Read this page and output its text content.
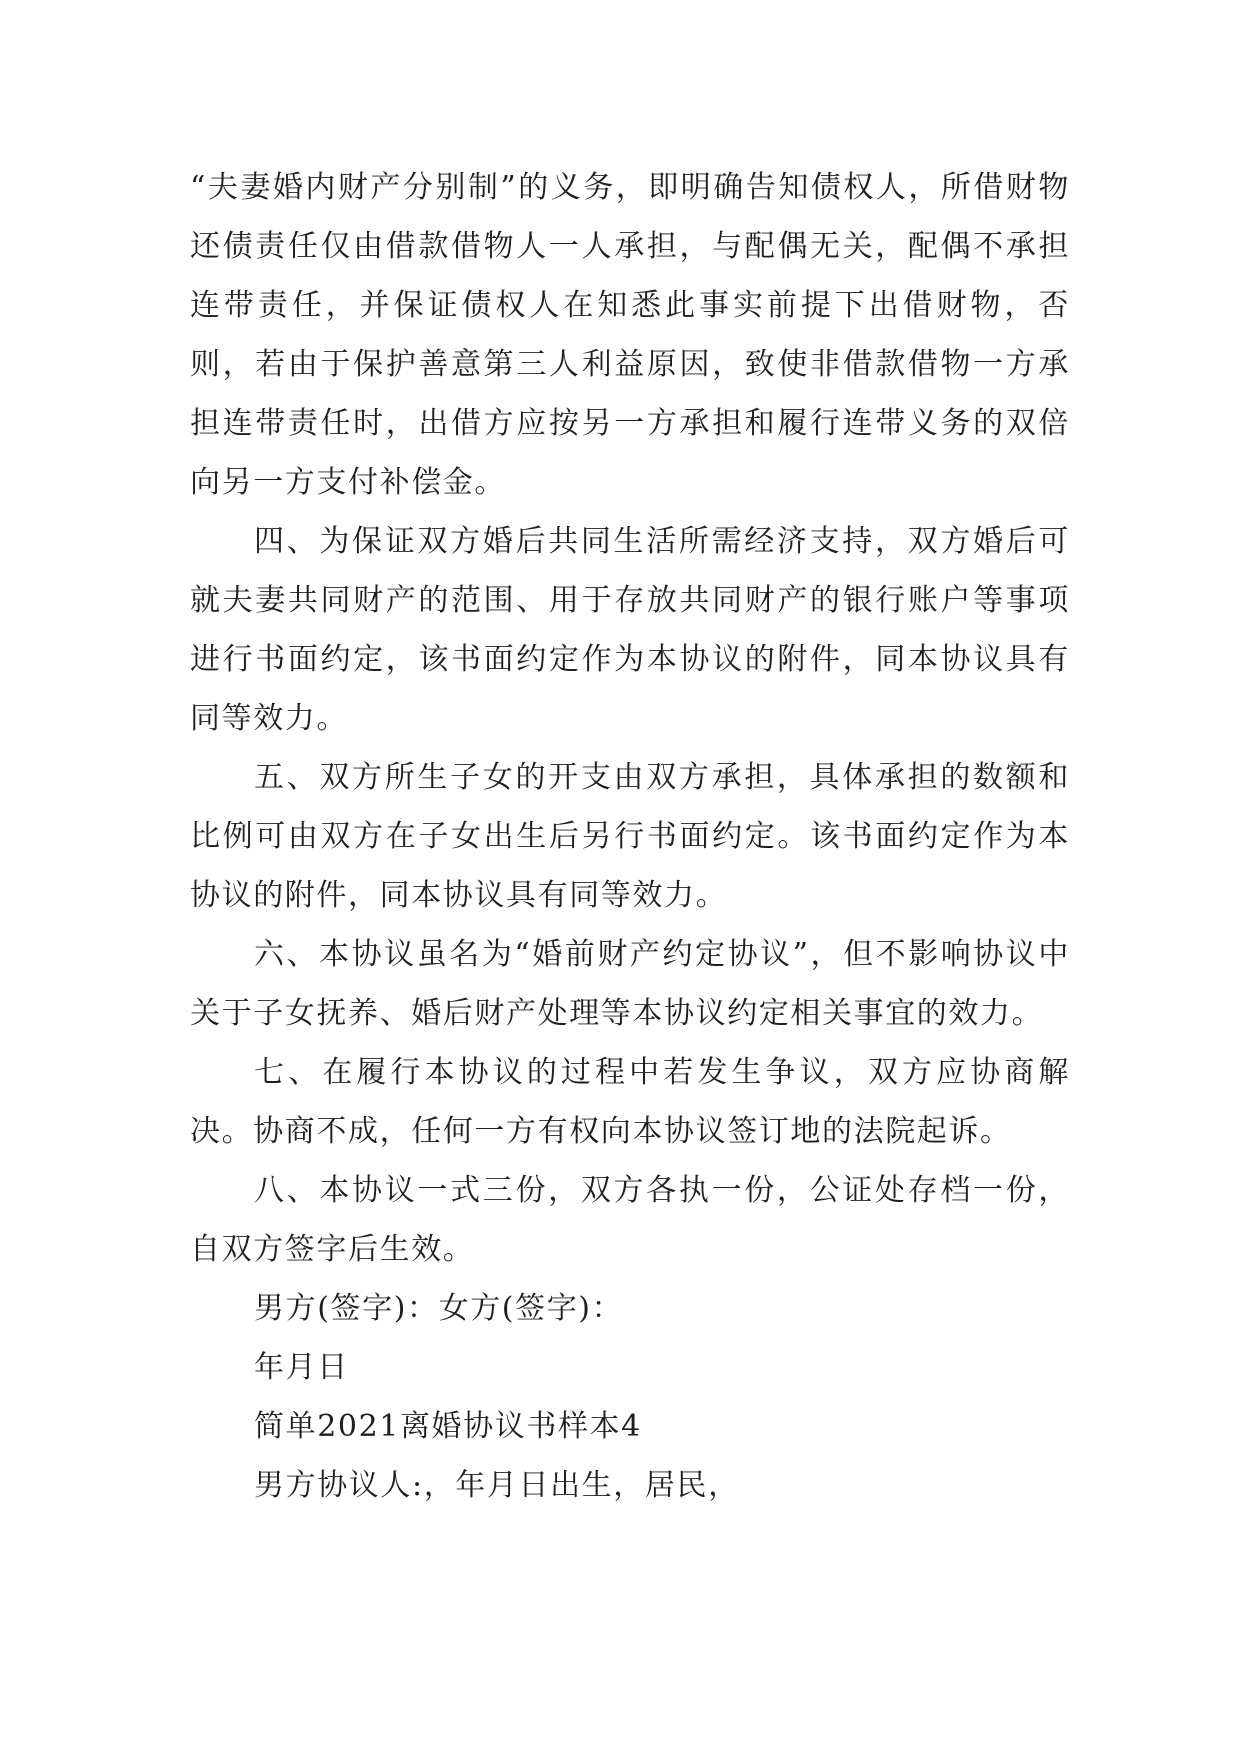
“夫妻婚内财产分别制”的义务，即明确告知债权人，所借财物还债责任仅由借款借物人一人承担，与配偶无关，配偶不承担连带责任，并保证债权人在知悉此事实前提下出借财物，否则，若由于保护善意第三人利益原因，致使非借款借物一方承担连带责任时，出借方应按另一方承担和履行连带义务的双倍向另一方支付补偿金。

四、为保证双方婚后共同生活所需经济支持，双方婚后可就夫妻共同财产的范围、用于存放共同财产的银行账户等事项进行书面约定，该书面约定作为本协议的附件，同本协议具有同等效力。

五、双方所生子女的开支由双方承担，具体承担的数额和比例可由双方在子女出生后另行书面约定。该书面约定作为本协议的附件，同本协议具有同等效力。

六、本协议虽名为“婚前财产约定协议”，但不影响协议中关于子女抚养、婚后财产处理等本协议约定相关事宜的效力。

七、在履行本协议的过程中若发生争议，双方应协商解决。协商不成，任何一方有权向本协议签订地的法院起诉。

八、本协议一式三份，双方各执一份，公证处存档一份，自双方签字后生效。

男方(签字)：女方(签字)：

年月日

简单2021离婚协议书样本4

男方协议人:，年月日出生，居民，
